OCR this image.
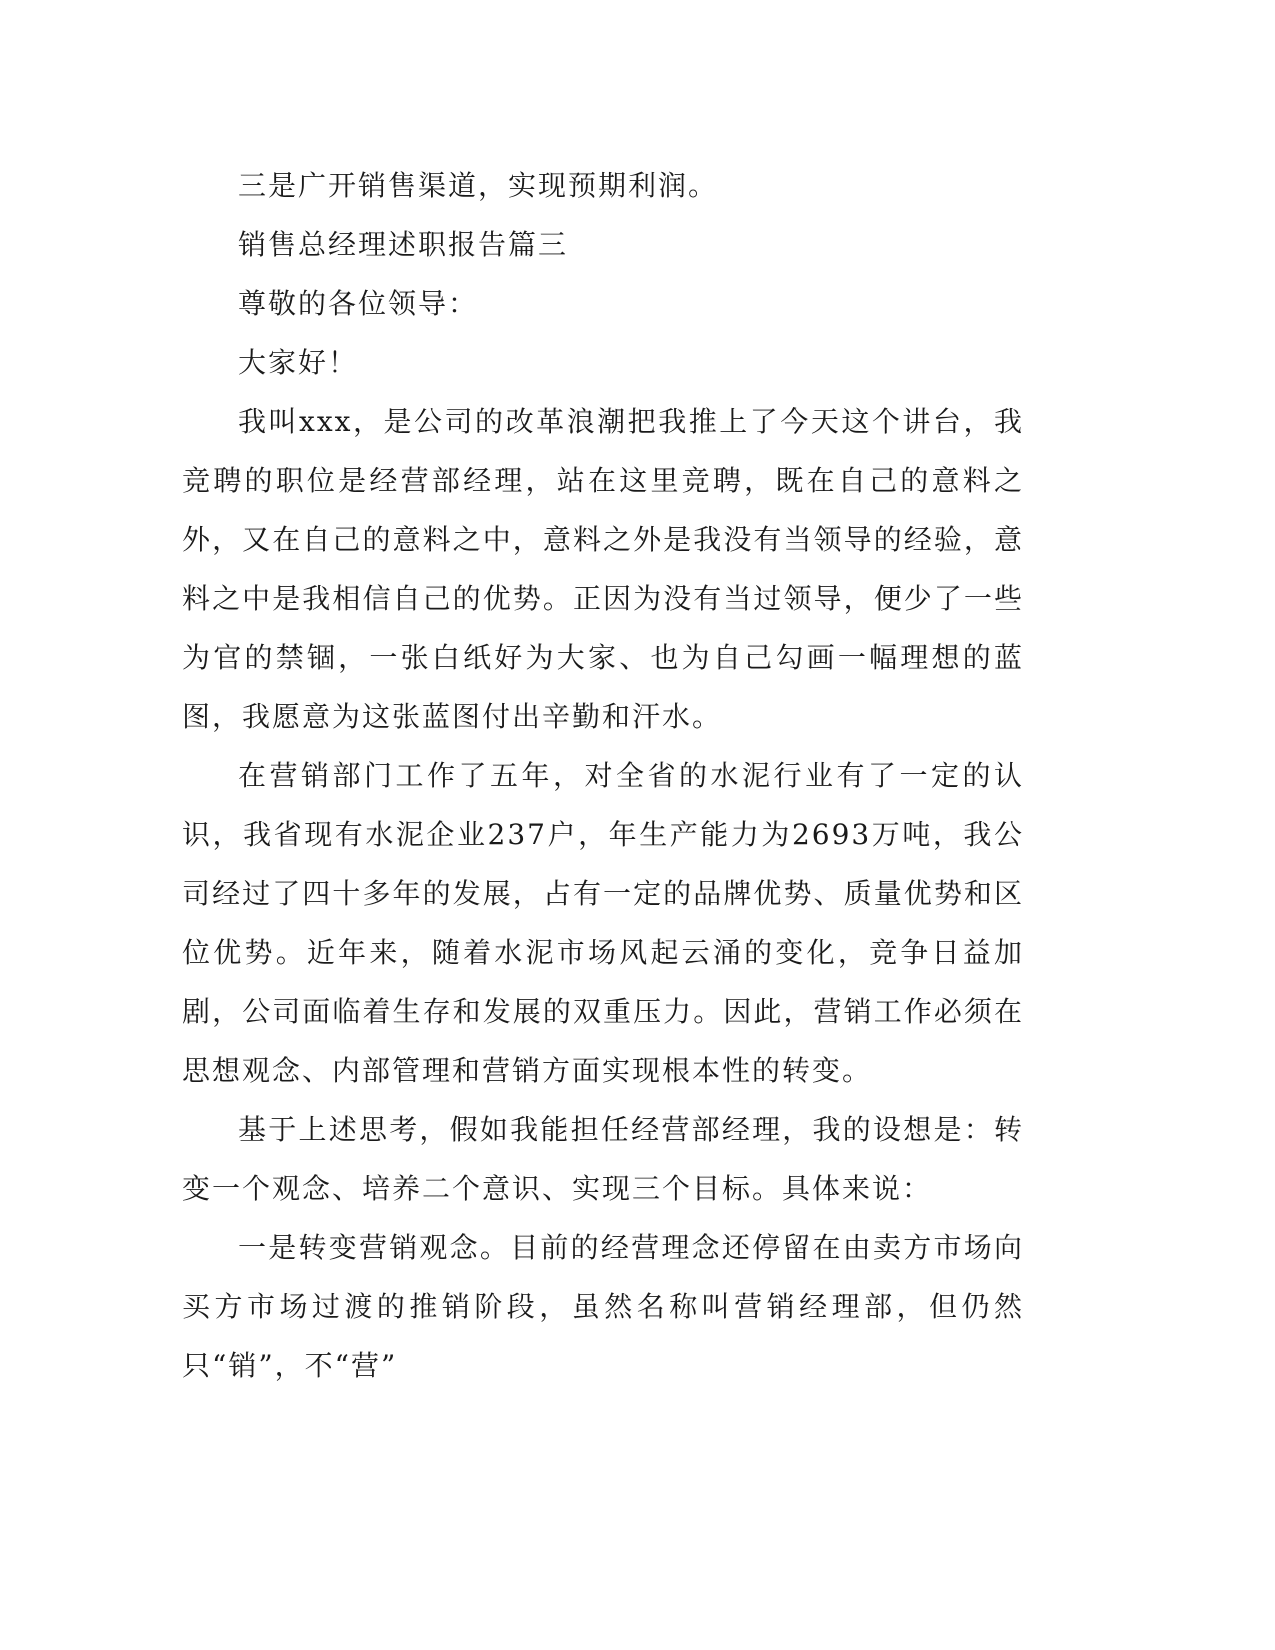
三是广开销售渠道，实现预期利润。

销售总经理述职报告篇三

尊敬的各位领导：

大家好！

我叫xxx，是公司的改革浪潮把我推上了今天这个讲台，我竞聘的职位是经营部经理，站在这里竞聘，既在自己的意料之外，又在自己的意料之中，意料之外是我没有当领导的经验，意料之中是我相信自己的优势。正因为没有当过领导，便少了一些为官的禁锢，一张白纸好为大家、也为自己勾画一幅理想的蓝图，我愿意为这张蓝图付出辛勤和汗水。

在营销部门工作了五年，对全省的水泥行业有了一定的认识，我省现有水泥企业237户，年生产能力为2693万吨，我公司经过了四十多年的发展，占有一定的品牌优势、质量优势和区位优势。近年来，随着水泥市场风起云涌的变化，竞争日益加剧，公司面临着生存和发展的双重压力。因此，营销工作必须在思想观念、内部管理和营销方面实现根本性的转变。

基于上述思考，假如我能担任经营部经理，我的设想是：转变一个观念、培养二个意识、实现三个目标。具体来说：

一是转变营销观念。目前的经营理念还停留在由卖方市场向买方市场过渡的推销阶段，虽然名称叫营销经理部，但仍然只“销”，不“营”
